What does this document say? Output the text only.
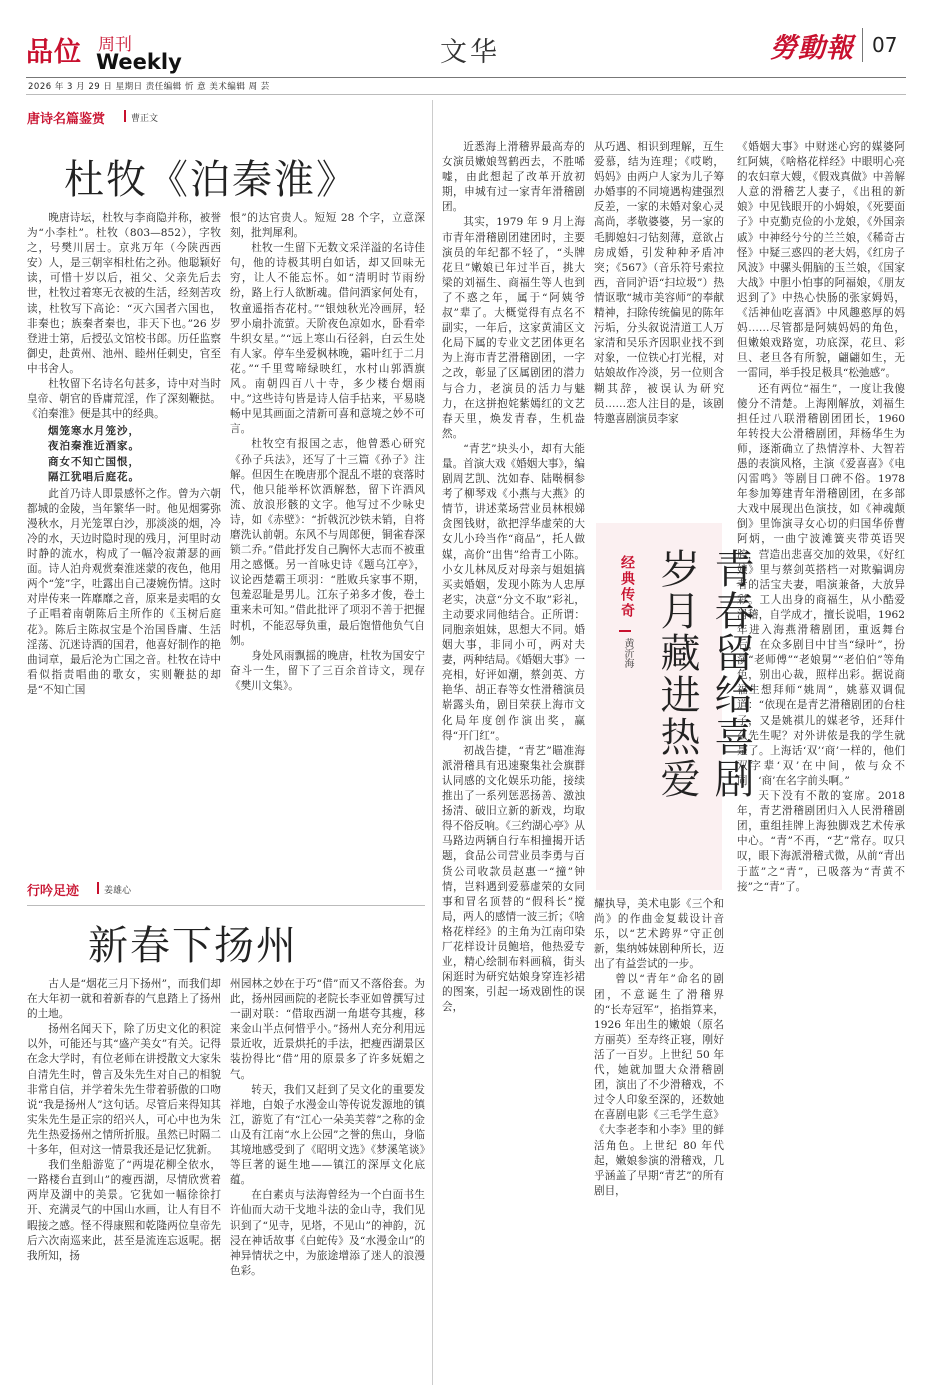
品位 周刊
Weekly	文华	勞動報 07
2026 年 3 月 29 日 星期日 责任编辑 忻 意 美术编辑 周 芸
唐诗名篇鉴赏	曹正文
杜牧《泊秦淮》

晚唐诗坛，杜牧与李商隐并称，被誉为“小李杜”。杜牧（803—852），字牧之，号樊川居士。京兆万年（今陕西西安）人，是三朝宰相杜佑之孙。他聪颖好读，可惜十岁以后，祖父、父亲先后去世，杜牧过着寒无衣被的生活，经刻苦攻读，杜牧写下高论：“灭六国者六国也，非秦也；族秦者秦也，非天下也。”26 岁登进士第，后授弘文馆校书郎。历任监察御史，赴黄州、池州、睦州任刺史，官至中书舍人。

杜牧留下名诗名句甚多，诗中对当时皇帝、朝官的昏庸荒淫，作了深刻鞭挞。《泊秦淮》便是其中的经典。

烟笼寒水月笼沙，

夜泊秦淮近酒家。

商女不知亡国恨，

隔江犹唱后庭花。

此首乃诗人即景感怀之作。曾为六朝都城的金陵，当年繁华一时。他见烟雾弥漫秋水，月光笼罩白沙，那淡淡的烟，冷冷的水，天边时隐时现的残月，河里时动时静的流水，构成了一幅冷寂萧瑟的画面。诗人泊舟观赏秦淮迷蒙的夜色，他用两个“笼”字，吐露出自己凄婉伤情。这时对岸传来一阵靡靡之音，原来是卖唱的女子正唱着南朝陈后主所作的《玉树后庭花》。陈后主陈叔宝是个治国昏庸、生活淫荡、沉迷诗酒的国君，他喜好制作的艳曲词章，最后沦为亡国之音。杜牧在诗中看似指责唱曲的歌女，实则鞭挞的却是“不知亡国

恨”的达官贵人。短短 28 个字，立意深刻，批判犀利。

杜牧一生留下无数文采洋溢的名诗佳句，他的诗极其明白如话，却又回味无穷，让人不能忘怀。如“清明时节雨纷纷，路上行人欲断魂。借问酒家何处有，牧童遥指杏花村。”“银烛秋光冷画屏，轻罗小扇扑流萤。天阶夜色凉如水，卧看牵牛织女星。”“远上寒山石径斜，白云生处有人家。停车坐爱枫林晚，霜叶红于二月花。”“千里莺啼绿映红，水村山郭酒旗风。南朝四百八十寺，多少楼台烟雨中。”这些诗句皆是诗人信手拈来，平易晓畅中见其画面之清新可喜和意境之妙不可言。

杜牧空有报国之志，他曾悉心研究《孙子兵法》，还写了十三篇《孙子》注解。但因生在晚唐那个混乱不堪的衰落时代，他只能举杯饮酒解愁，留下许酒风流、放浪形骸的文字。他写过不少咏史诗，如《赤壁》：“折戟沉沙铁未销，自将磨洗认前朝。东风不与周郎便，铜雀春深锁二乔。”借此抒发自己胸怀大志而不被重用之感慨。另一首咏史诗《题乌江亭》，议论西楚霸王项羽：“胜败兵家事不期，包羞忍耻是男儿。江东子弟多才俊，卷土重来未可知。”借此批评了项羽不善于把握时机，不能忍辱负重，最后饱惜他负气自刎。

身处风雨飘摇的晚唐，杜牧为国安宁奋斗一生，留下了三百余首诗文，现存《樊川文集》。

行吟足迹	姜雄心
新春下扬州

古人是“烟花三月下扬州”，而我们却在大年初一就和着新春的气息踏上了扬州的土地。

扬州名闻天下，除了历史文化的积淀以外，可能还与其“盛产美女”有关。记得在念大学时，有位老师在讲授散文大家朱自清先生时，曾言及朱先生对自己的相貌非常自信，并学着朱先生带着骄傲的口吻说“我是扬州人”这句话。尽管后来得知其实朱先生是正宗的绍兴人，可心中也为朱先生热爱扬州之情所折服。虽然已时隔二十多年，但对这一情景我还是记忆犹新。

我们坐船游览了“两堤花柳全依水，一路楼台直到山”的瘦西湖，尽情欣赏着两岸及湖中的美景。它犹如一幅徐徐打开、充满灵气的中国山水画，让人有目不暇接之感。怪不得康熙和乾隆两位皇帝先后六次南巡来此，甚至是流连忘返呢。据我所知，扬

州园林之妙在于巧“借”而又不落俗套。为此，扬州园画院的老院长李亚如曾撰写过一副对联：“借取西湖一角堪夸其瘦，移来金山半点何惜乎小。”扬州人充分利用远景近收，近景烘托的手法，把瘦西湖景区装扮得比“借”用的原景多了许多妩媚之气。

转天，我们又赶到了吴文化的重要发祥地，白娘子水漫金山等传说发源地的镇江，游览了有“江心一朵美芙蓉”之称的金山及有江南“水上公园”之誉的焦山，身临其境地感受到了《昭明文选》《梦溪笔谈》等巨著的诞生地——镇江的深厚文化底蕴。

在白素贞与法海曾经为一个白面书生许仙而大动干戈地斗法的金山寺，我们见识到了“见寺，见塔，不见山”的神韵，沉浸在神话故事《白蛇传》及“水漫金山”的神异情状之中，为旅途增添了迷人的浪漫色彩。

近悉海上滑稽界最高寿的女演员嫩娘驾鹤西去，不胜唏嘘，由此想起了改革开放初期，申城有过一家青年滑稽剧团。

其实，1979 年 9 月上海市青年滑稽剧团建团时，主要演员的年纪都不轻了，“头牌花旦”嫩娘已年过半百，挑大梁的刘福生、商福生等人也到了不惑之年，属于“阿姨爷叔”辈了。大概觉得有点名不副实，一年后，这家黄浦区文化局下属的专业文艺团体更名为上海市青艺滑稽剧团，一字之改，彰显了区属剧团的潜力与合力，老演员的活力与魅力，在这拼抱姹紫嫣红的文艺春天里，焕发青春，生机盎然。

“青艺”块头小，却有大能量。首演大戏《婚姻大事》，编剧周艺凯、沈如春、陆啭桐参考了柳琴戏《小燕与大燕》的情节，讲述菜场营业员林根娣贪图钱财，欲把浮华虚荣的大女儿小玲当作“商品”，托人做媒，高价“出售”给青工小陈。小女儿林凤反对母亲与姐姐搞买卖婚姻，发现小陈为人忠厚老实，决意“分文不取”彩礼，主动要求同他结合。正所谓：同胞亲姐妹，思想大不同。婚姻大事，非同小可，两对夫妻，两种结局。《婚姻大事》一亮相，好评如潮，蔡剑英、方艳华、胡正春等女性滑稽演员崭露头角，剧目荣获上海市文化局年度创作演出奖，赢得“开门红”。

初战告捷，“青艺”瞄准海派滑稽具有迅速聚集社会旗群认同感的文化娱乐功能，接续推出了一系列惩恶扬善、激浊扬清、破旧立新的新戏，均取得不俗反响。《三约湖心亭》从马路边两辆自行车相撞揭开话题，食品公司营业员李勇与百货公司收款员赵惠一“撞”钟情，岂料遇到爱慕虚荣的女同事和冒名顶替的“假科长”搅局，两人的感情一波三折；《啥格花样经》的主角为江南印染厂花样设计员鲍培，他热爱专业，精心绘制布料画稿，街头闲逛时为研究姑娘身穿连衫裙的图案，引起一场戏剧性的误会，

从巧遇、相识到理解，互生爱慕，结为连理；《哎哟，妈妈》由两户人家为儿子筹办婚事的不同境遇构建强烈反差，一家的未婚对象心灵高尚，孝敬婆婆，另一家的毛脚媳妇刁钻刻薄，意欲占房成婚，引发种种矛盾冲突；《567》（音乐符号索拉西，音同沪语“扫垃圾”）热情讴歌“城市美容师”的奉献精神，扫除传统偏见的陈年污垢，分头叙说清道工人万家清和吴乐齐因职业找不到对象，一位铁心打光棍，对姑娘故作冷淡，另一位则含糊其辞，被误认为研究员……恋人注目的是，该剧特邀喜剧演员李家

经典传奇
黄沂海	青春留给喜剧
岁月藏进热爱

耀执导，美术电影《三个和尚》的作曲金复载设计音乐，以“艺术跨界”守正创新，集纳姊妹剧种所长，迈出了有益尝试的一步。

曾以“青年”命名的剧团，不意诞生了滑稽界的“长寿冠军”，掐指算来，1926 年出生的嫩娘（原名方丽英）至寿终正寝，刚好活了一百岁。上世纪 50 年代，她就加盟大众滑稽剧团，演出了不少滑稽戏，不过令人印象至深的，还数她在喜剧电影《三毛学生意》《大李老李和小李》里的鲜活角色。上世纪 80 年代起，嫩娘参演的滑稽戏，几乎涵盖了早期“青艺”的所有剧目，

《婚姻大事》中财迷心窍的媒婆阿红阿姨，《啥格花样经》中眼明心亮的农妇章大嫂，《假戏真做》中善解人意的滑稽艺人妻子，《出租的新娘》中见钱眼开的小姆娘，《死要面子》中克勤克俭的小龙娘，《外国亲戚》中神经兮兮的兰兰娘，《稀奇古怪》中疑三惑四的老大妈，《红房子风波》中骡头佣脑的玉兰娘，《国家大战》中胆小怕事的阿福娘，《朋友迟到了》中热心快肠的张家姆妈，《活神仙吃喜酒》中风趣憨厚的妈妈……尽管都是阿姨妈妈的角色，但嫩娘戏路宽，功底深，花旦、彩旦、老旦各有所貌，翩翩如生，无一雷同，举手投足极具“松弛感”。

还有两位“福生”，一度让我傻傻分不清楚。上海刚解放，刘福生担任过八联滑稽剧团团长，1960 年转投大公滑稽剧团，拜杨华生为师，逐渐确立了热情淳朴、大智若愚的表演风格，主演《爱喜喜》《电闪雷鸣》等剧目口碑不俗。1978 年参加筹建青年滑稽剧团，在多部大戏中展现出色演技，如《神魂颠倒》里饰演寻女心切的归国华侨曹阿炳，一曲宁波滩簧夹带英语哭腔，营造出悲喜交加的效果，《好红娘》里与蔡剑英搭档一对欺骗调房者的活宝夫妻，唱演兼备，大放异彩。工人出身的商福生，从小酷爱滑稽，自学成才，擅长说唱，1962 年进入海燕滑稽剧团，重返舞台后，在众多剧目中甘当“绿叶”，扮演“老师傅”“老娘舅”“老伯伯”等角色，别出心裁，照样出彩。据说商福生想拜师“姚周”，姚慕双调侃道：“依现在是青艺滑稽剧团的台柱子，又是姚祺儿的媒老爷，还拜什么先生呢？对外讲侬是我的学生就是了。上海话‘双’‘商’一样的，他们双字辈‘双’在中间，侬与众不同，‘商’在名字前头啊。”

天下没有不散的宴席。2018 年，青艺滑稽剧团归入人民滑稽剧团，重组挂牌上海独脚戏艺术传承中心。“青”不再，“艺”常存。叹只叹，眼下海派滑稽式微，从前“青出于蓝”之“青”，已吸落为“青黄不接”之“青”了。
